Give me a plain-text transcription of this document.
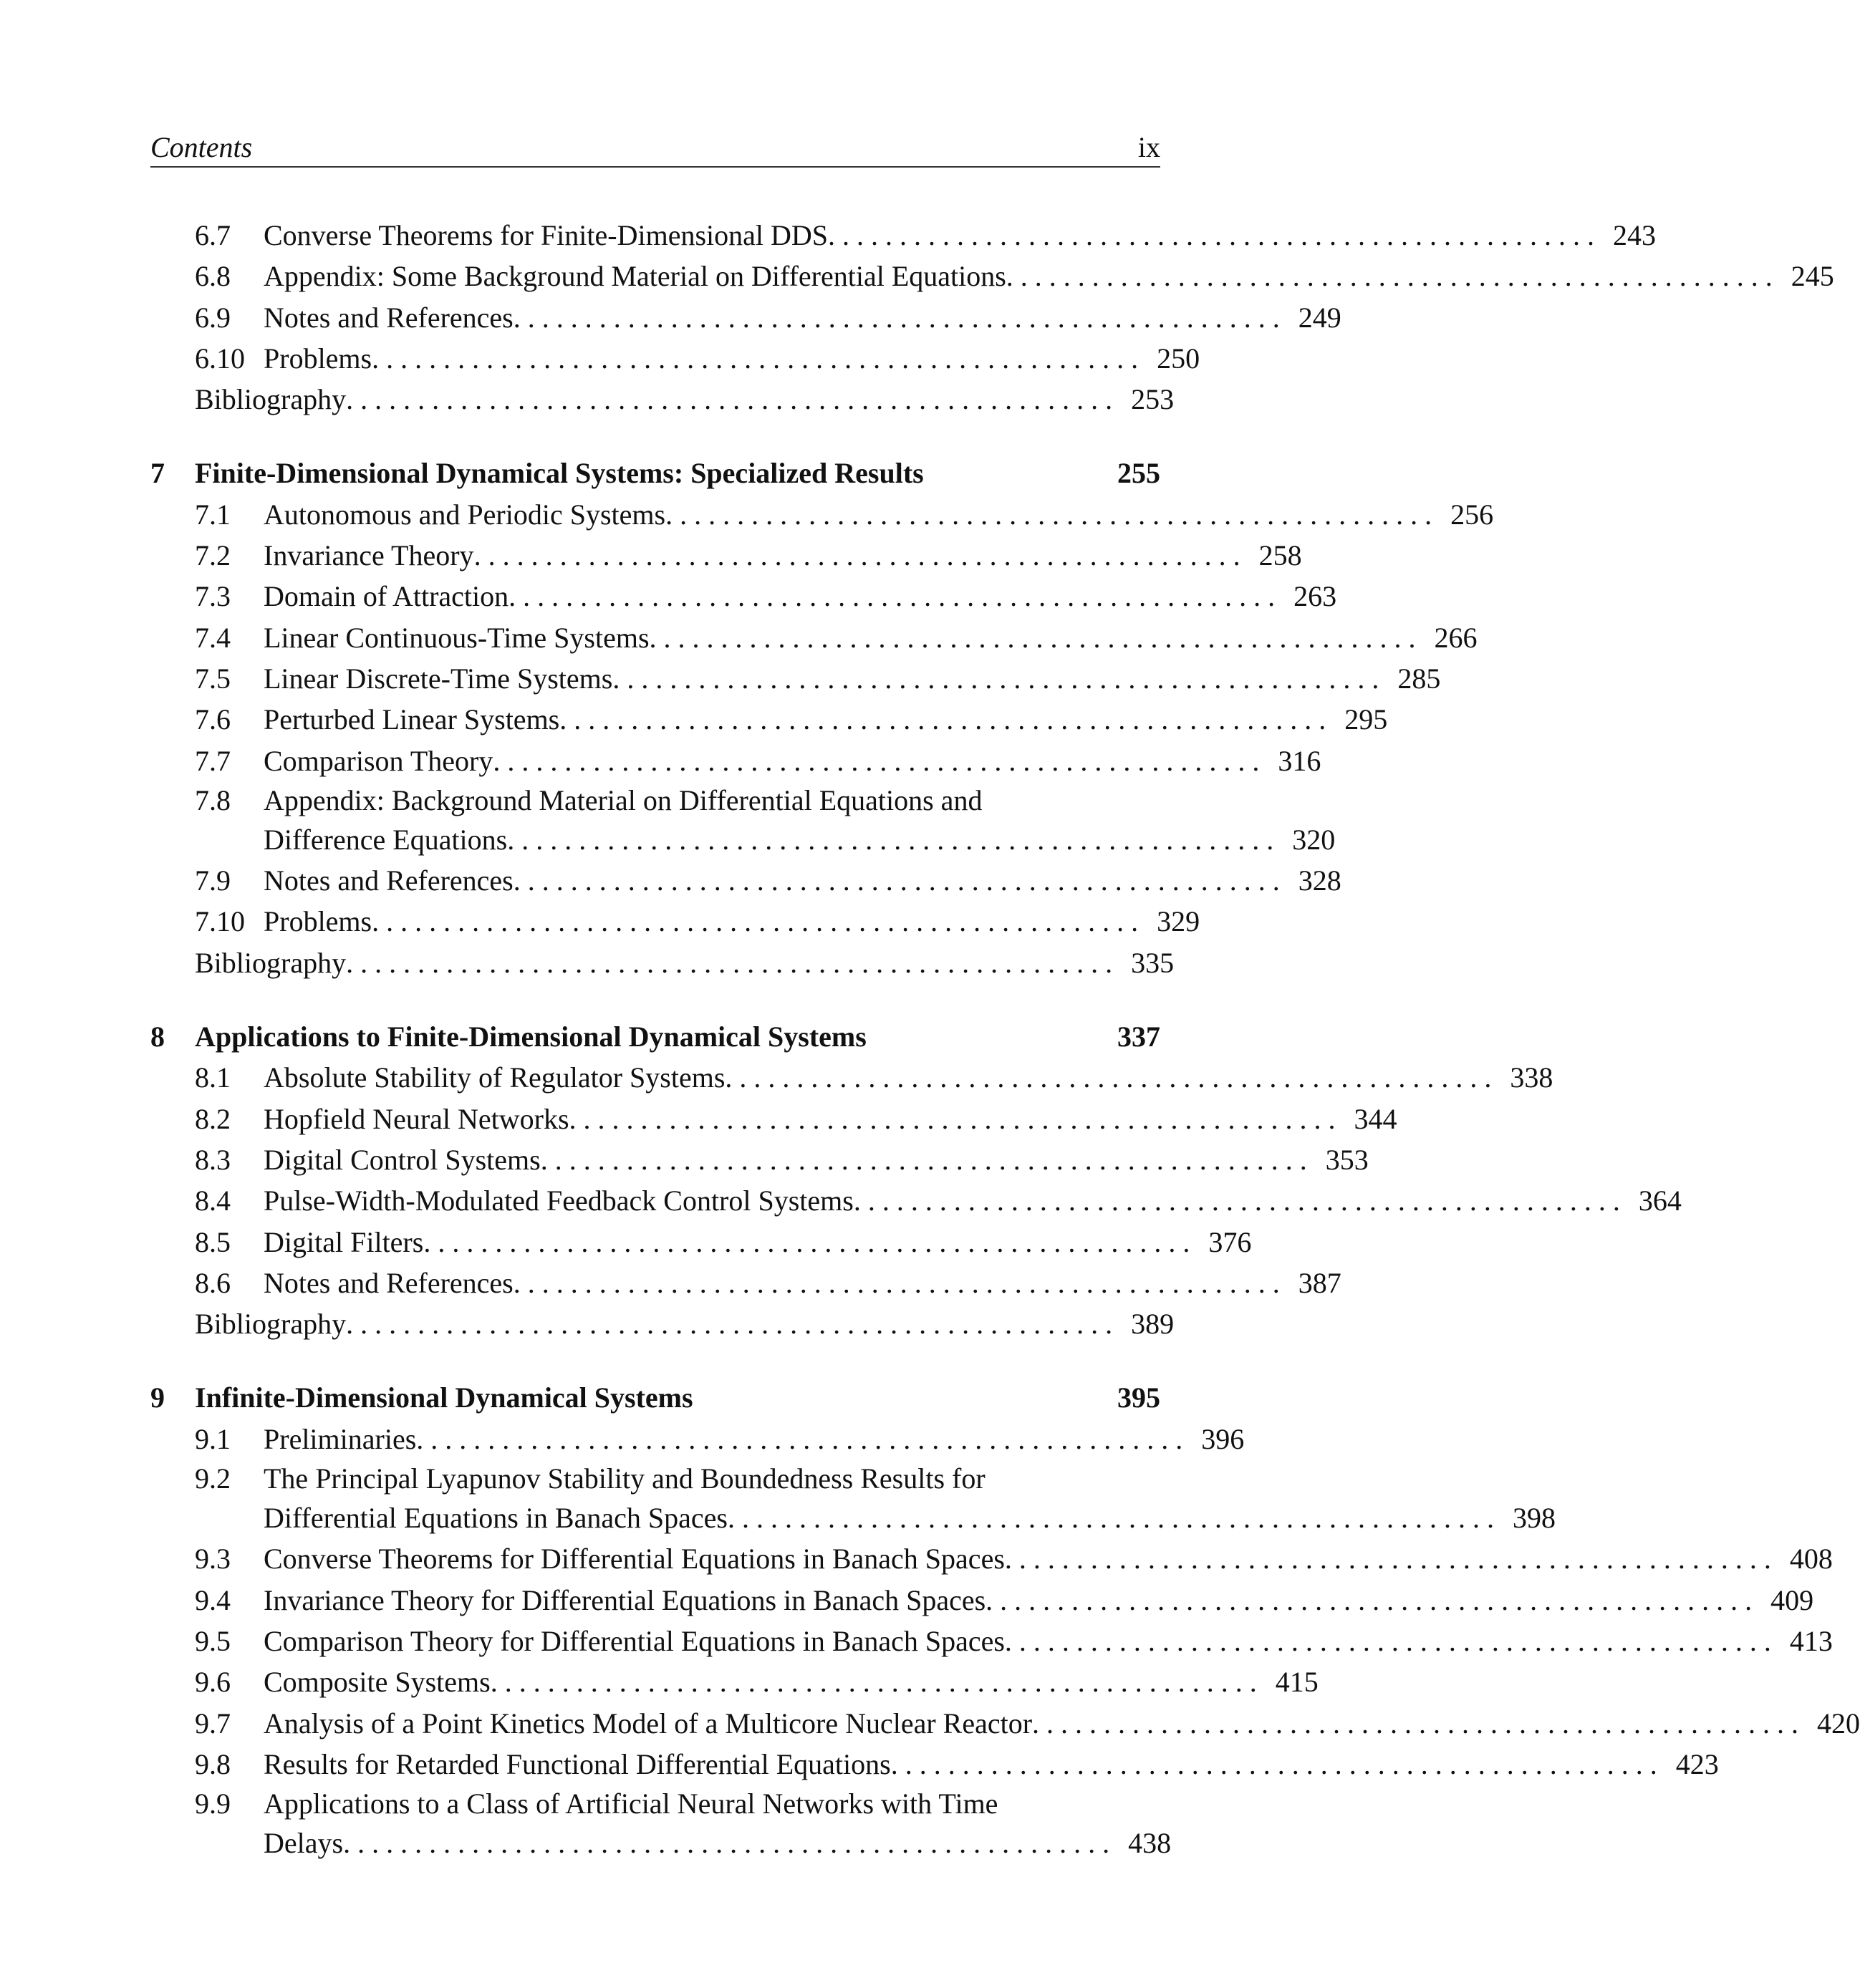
Contents	ix
6.7 Converse Theorems for Finite-Dimensional DDS . . . . . . . . . . . . . . . . . . . . . . . . . . . . . . . . . . . . . . . . . . . . . . . . . . . . . . 243
6.8 Appendix: Some Background Material on Differential Equations . . . . . . . . . . . . . . . . . . . . . . . . . . . . . . . . . . . . . . . . . . . . . . . . . . . . . . 245
6.9 Notes and References . . . . . . . . . . . . . . . . . . . . . . . . . . . . . . . . . . . . . . . . . . . . . . . . . . . . . . 249
6.10 Problems . . . . . . . . . . . . . . . . . . . . . . . . . . . . . . . . . . . . . . . . . . . . . . . . . . . . . . 250
Bibliography . . . . . . . . . . . . . . . . . . . . . . . . . . . . . . . . . . . . . . . . . . . . . . . . . . . . . . 253
7 Finite-Dimensional Dynamical Systems: Specialized Results	255
7.1 Autonomous and Periodic Systems . . . . . . . . . . . . . . . . . . . . . . . . . . . . . . . . . . . . . . . . . . . . . . . . . . . . . . 256
7.2 Invariance Theory . . . . . . . . . . . . . . . . . . . . . . . . . . . . . . . . . . . . . . . . . . . . . . . . . . . . . . 258
7.3 Domain of Attraction . . . . . . . . . . . . . . . . . . . . . . . . . . . . . . . . . . . . . . . . . . . . . . . . . . . . . . 263
7.4 Linear Continuous-Time Systems . . . . . . . . . . . . . . . . . . . . . . . . . . . . . . . . . . . . . . . . . . . . . . . . . . . . . . 266
7.5 Linear Discrete-Time Systems . . . . . . . . . . . . . . . . . . . . . . . . . . . . . . . . . . . . . . . . . . . . . . . . . . . . . . 285
7.6 Perturbed Linear Systems . . . . . . . . . . . . . . . . . . . . . . . . . . . . . . . . . . . . . . . . . . . . . . . . . . . . . . 295
7.7 Comparison Theory . . . . . . . . . . . . . . . . . . . . . . . . . . . . . . . . . . . . . . . . . . . . . . . . . . . . . . 316
7.8 Appendix: Background Material on Differential Equations and
Difference Equations . . . . . . . . . . . . . . . . . . . . . . . . . . . . . . . . . . . . . . . . . . . . . . . . . . . . . . 320
7.9 Notes and References . . . . . . . . . . . . . . . . . . . . . . . . . . . . . . . . . . . . . . . . . . . . . . . . . . . . . . 328
7.10 Problems . . . . . . . . . . . . . . . . . . . . . . . . . . . . . . . . . . . . . . . . . . . . . . . . . . . . . . 329
Bibliography . . . . . . . . . . . . . . . . . . . . . . . . . . . . . . . . . . . . . . . . . . . . . . . . . . . . . . 335
8 Applications to Finite-Dimensional Dynamical Systems	337
8.1 Absolute Stability of Regulator Systems . . . . . . . . . . . . . . . . . . . . . . . . . . . . . . . . . . . . . . . . . . . . . . . . . . . . . . 338
8.2 Hopfield Neural Networks . . . . . . . . . . . . . . . . . . . . . . . . . . . . . . . . . . . . . . . . . . . . . . . . . . . . . . 344
8.3 Digital Control Systems . . . . . . . . . . . . . . . . . . . . . . . . . . . . . . . . . . . . . . . . . . . . . . . . . . . . . . 353
8.4 Pulse-Width-Modulated Feedback Control Systems . . . . . . . . . . . . . . . . . . . . . . . . . . . . . . . . . . . . . . . . . . . . . . . . . . . . . . 364
8.5 Digital Filters . . . . . . . . . . . . . . . . . . . . . . . . . . . . . . . . . . . . . . . . . . . . . . . . . . . . . . 376
8.6 Notes and References . . . . . . . . . . . . . . . . . . . . . . . . . . . . . . . . . . . . . . . . . . . . . . . . . . . . . . 387
Bibliography . . . . . . . . . . . . . . . . . . . . . . . . . . . . . . . . . . . . . . . . . . . . . . . . . . . . . . 389
9 Infinite-Dimensional Dynamical Systems	395
9.1 Preliminaries . . . . . . . . . . . . . . . . . . . . . . . . . . . . . . . . . . . . . . . . . . . . . . . . . . . . . . 396
9.2 The Principal Lyapunov Stability and Boundedness Results for
Differential Equations in Banach Spaces . . . . . . . . . . . . . . . . . . . . . . . . . . . . . . . . . . . . . . . . . . . . . . . . . . . . . . 398
9.3 Converse Theorems for Differential Equations in Banach Spaces . . . . . . . . . . . . . . . . . . . . . . . . . . . . . . . . . . . . . . . . . . . . . . . . . . . . . . 408
9.4 Invariance Theory for Differential Equations in Banach Spaces . . . . . . . . . . . . . . . . . . . . . . . . . . . . . . . . . . . . . . . . . . . . . . . . . . . . . . 409
9.5 Comparison Theory for Differential Equations in Banach Spaces . . . . . . . . . . . . . . . . . . . . . . . . . . . . . . . . . . . . . . . . . . . . . . . . . . . . . . 413
9.6 Composite Systems . . . . . . . . . . . . . . . . . . . . . . . . . . . . . . . . . . . . . . . . . . . . . . . . . . . . . . 415
9.7 Analysis of a Point Kinetics Model of a Multicore Nuclear Reactor . . . . . . . . . . . . . . . . . . . . . . . . . . . . . . . . . . . . . . . . . . . . . . . . . . . . . . 420
9.8 Results for Retarded Functional Differential Equations . . . . . . . . . . . . . . . . . . . . . . . . . . . . . . . . . . . . . . . . . . . . . . . . . . . . . . 423
9.9 Applications to a Class of Artificial Neural Networks with Time
Delays . . . . . . . . . . . . . . . . . . . . . . . . . . . . . . . . . . . . . . . . . . . . . . . . . . . . . . 438
